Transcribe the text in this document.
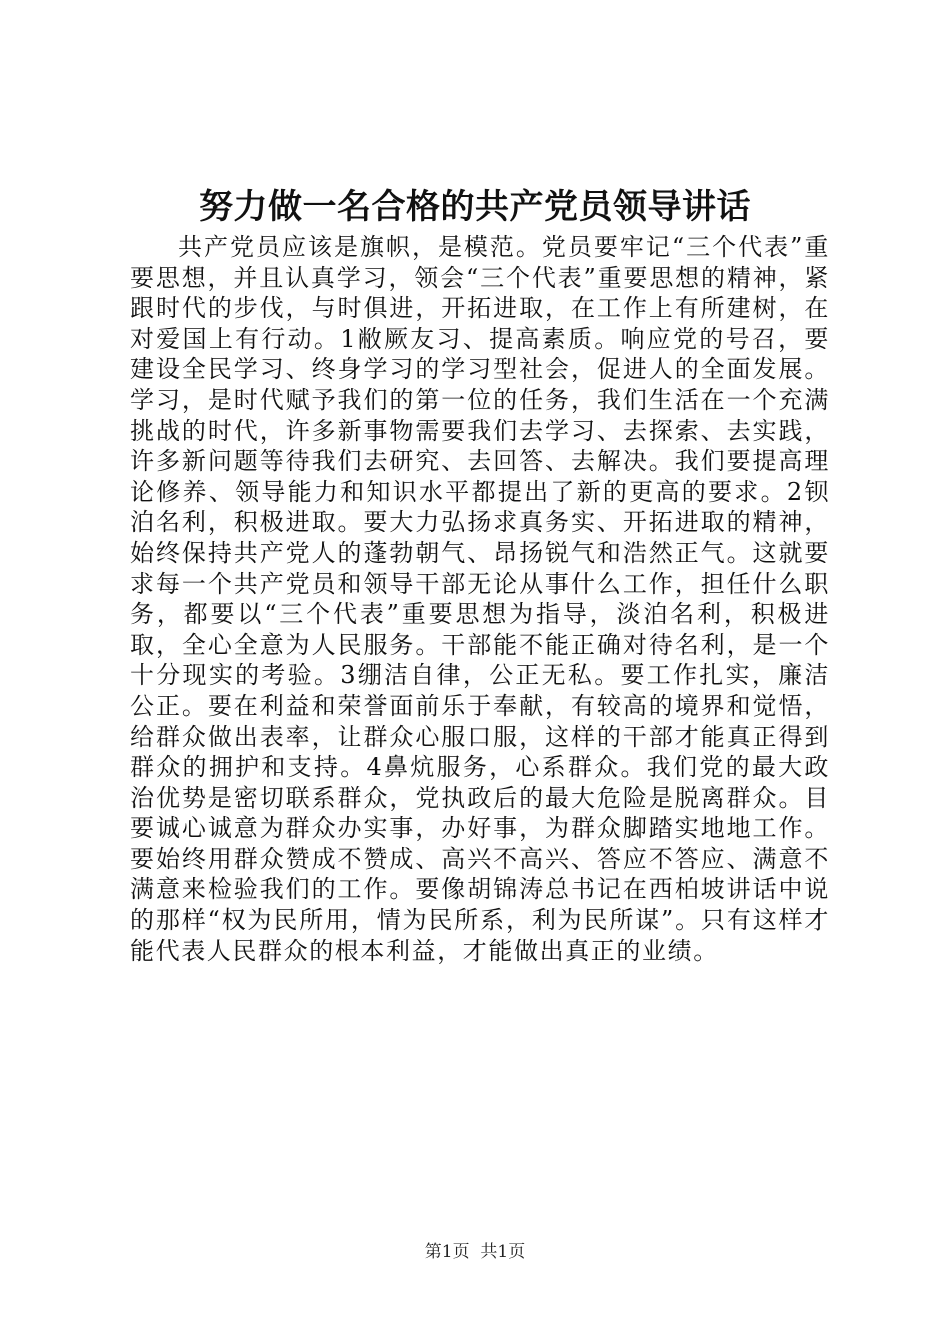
努力做一名合格的共产党员领导讲话

共产党员应该是旗帜，是模范。党员要牢记“三个代表”重要思想，并且认真学习，领会“三个代表”重要思想的精神，紧跟时代的步伐，与时俱进，开拓进取，在工作上有所建树，在对爱国上有行动。1敝厥友习、提高素质。响应党的号召，要建设全民学习、终身学习的学习型社会，促进人的全面发展。学习，是时代赋予我们的第一位的任务，我们生活在一个充满挑战的时代，许多新事物需要我们去学习、去探索、去实践，许多新问题等待我们去研究、去回答、去解决。我们要提高理论修养、领导能力和知识水平都提出了新的更高的要求。2钡泊名利，积极进取。要大力弘扬求真务实、开拓进取的精神，始终保持共产党人的蓬勃朝气、昂扬锐气和浩然正气。这就要求每一个共产党员和领导干部无论从事什么工作，担任什么职务，都要以“三个代表”重要思想为指导，淡泊名利，积极进取，全心全意为人民服务。干部能不能正确对待名利，是一个十分现实的考验。3绷洁自律，公正无私。要工作扎实，廉洁公正。要在利益和荣誉面前乐于奉献，有较高的境界和觉悟，给群众做出表率，让群众心服口服，这样的干部才能真正得到群众的拥护和支持。4鼻炕服务，心系群众。我们党的最大政治优势是密切联系群众，党执政后的最大危险是脱离群众。目要诚心诚意为群众办实事，办好事，为群众脚踏实地地工作。要始终用群众赞成不赞成、高兴不高兴、答应不答应、满意不满意来检验我们的工作。要像胡锦涛总书记在西柏坡讲话中说的那样“权为民所用，情为民所系，利为民所谋”。只有这样才能代表人民群众的根本利益，才能做出真正的业绩。

第1页  共1页
